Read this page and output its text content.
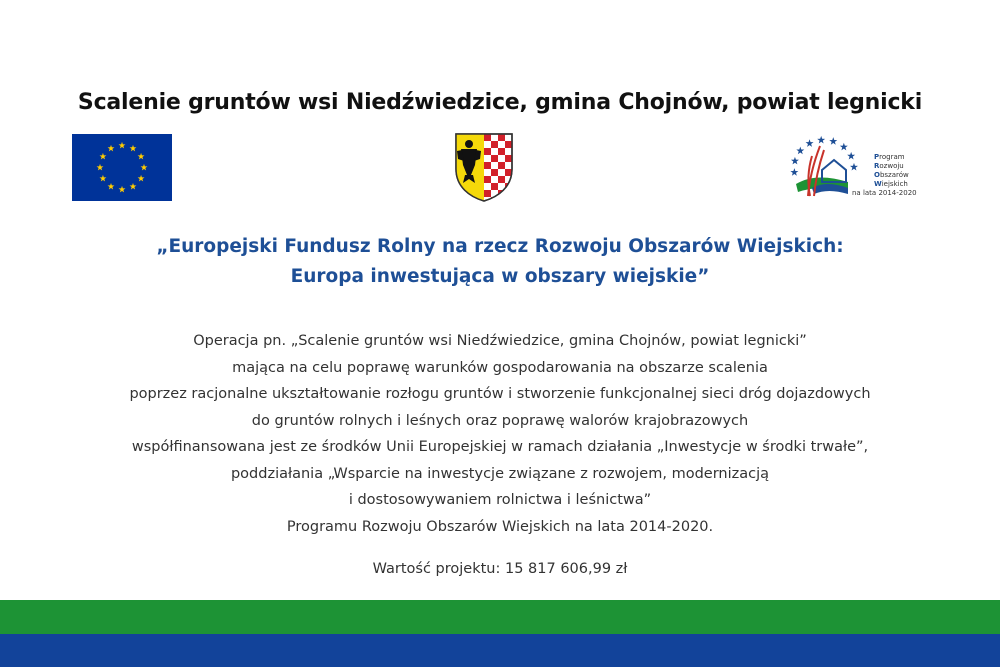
Scalenie gruntów wsi Niedźwiedzice, gmina Chojnów, powiat legnicki
Program
Rozwoju
Obszarów
Wiejskich
na lata 2014-2020
„Europejski Fundusz Rolny na rzecz Rozwoju Obszarów Wiejskich:
Europa inwestująca w obszary wiejskie”
Operacja pn. „Scalenie gruntów wsi Niedźwiedzice, gmina Chojnów, powiat legnicki”
mająca na celu poprawę warunków gospodarowania na obszarze scalenia
poprzez racjonalne ukształtowanie rozłogu gruntów i stworzenie funkcjonalnej sieci dróg dojazdowych
do gruntów rolnych i leśnych oraz poprawę walorów krajobrazowych
współfinansowana jest ze środków Unii Europejskiej w ramach działania „Inwestycje w środki trwałe”,
poddziałania „Wsparcie na inwestycje związane z rozwojem, modernizacją
i dostosowywaniem rolnictwa i leśnictwa”
Programu Rozwoju Obszarów Wiejskich na lata 2014-2020.
Wartość projektu: 15 817 606,99 zł
